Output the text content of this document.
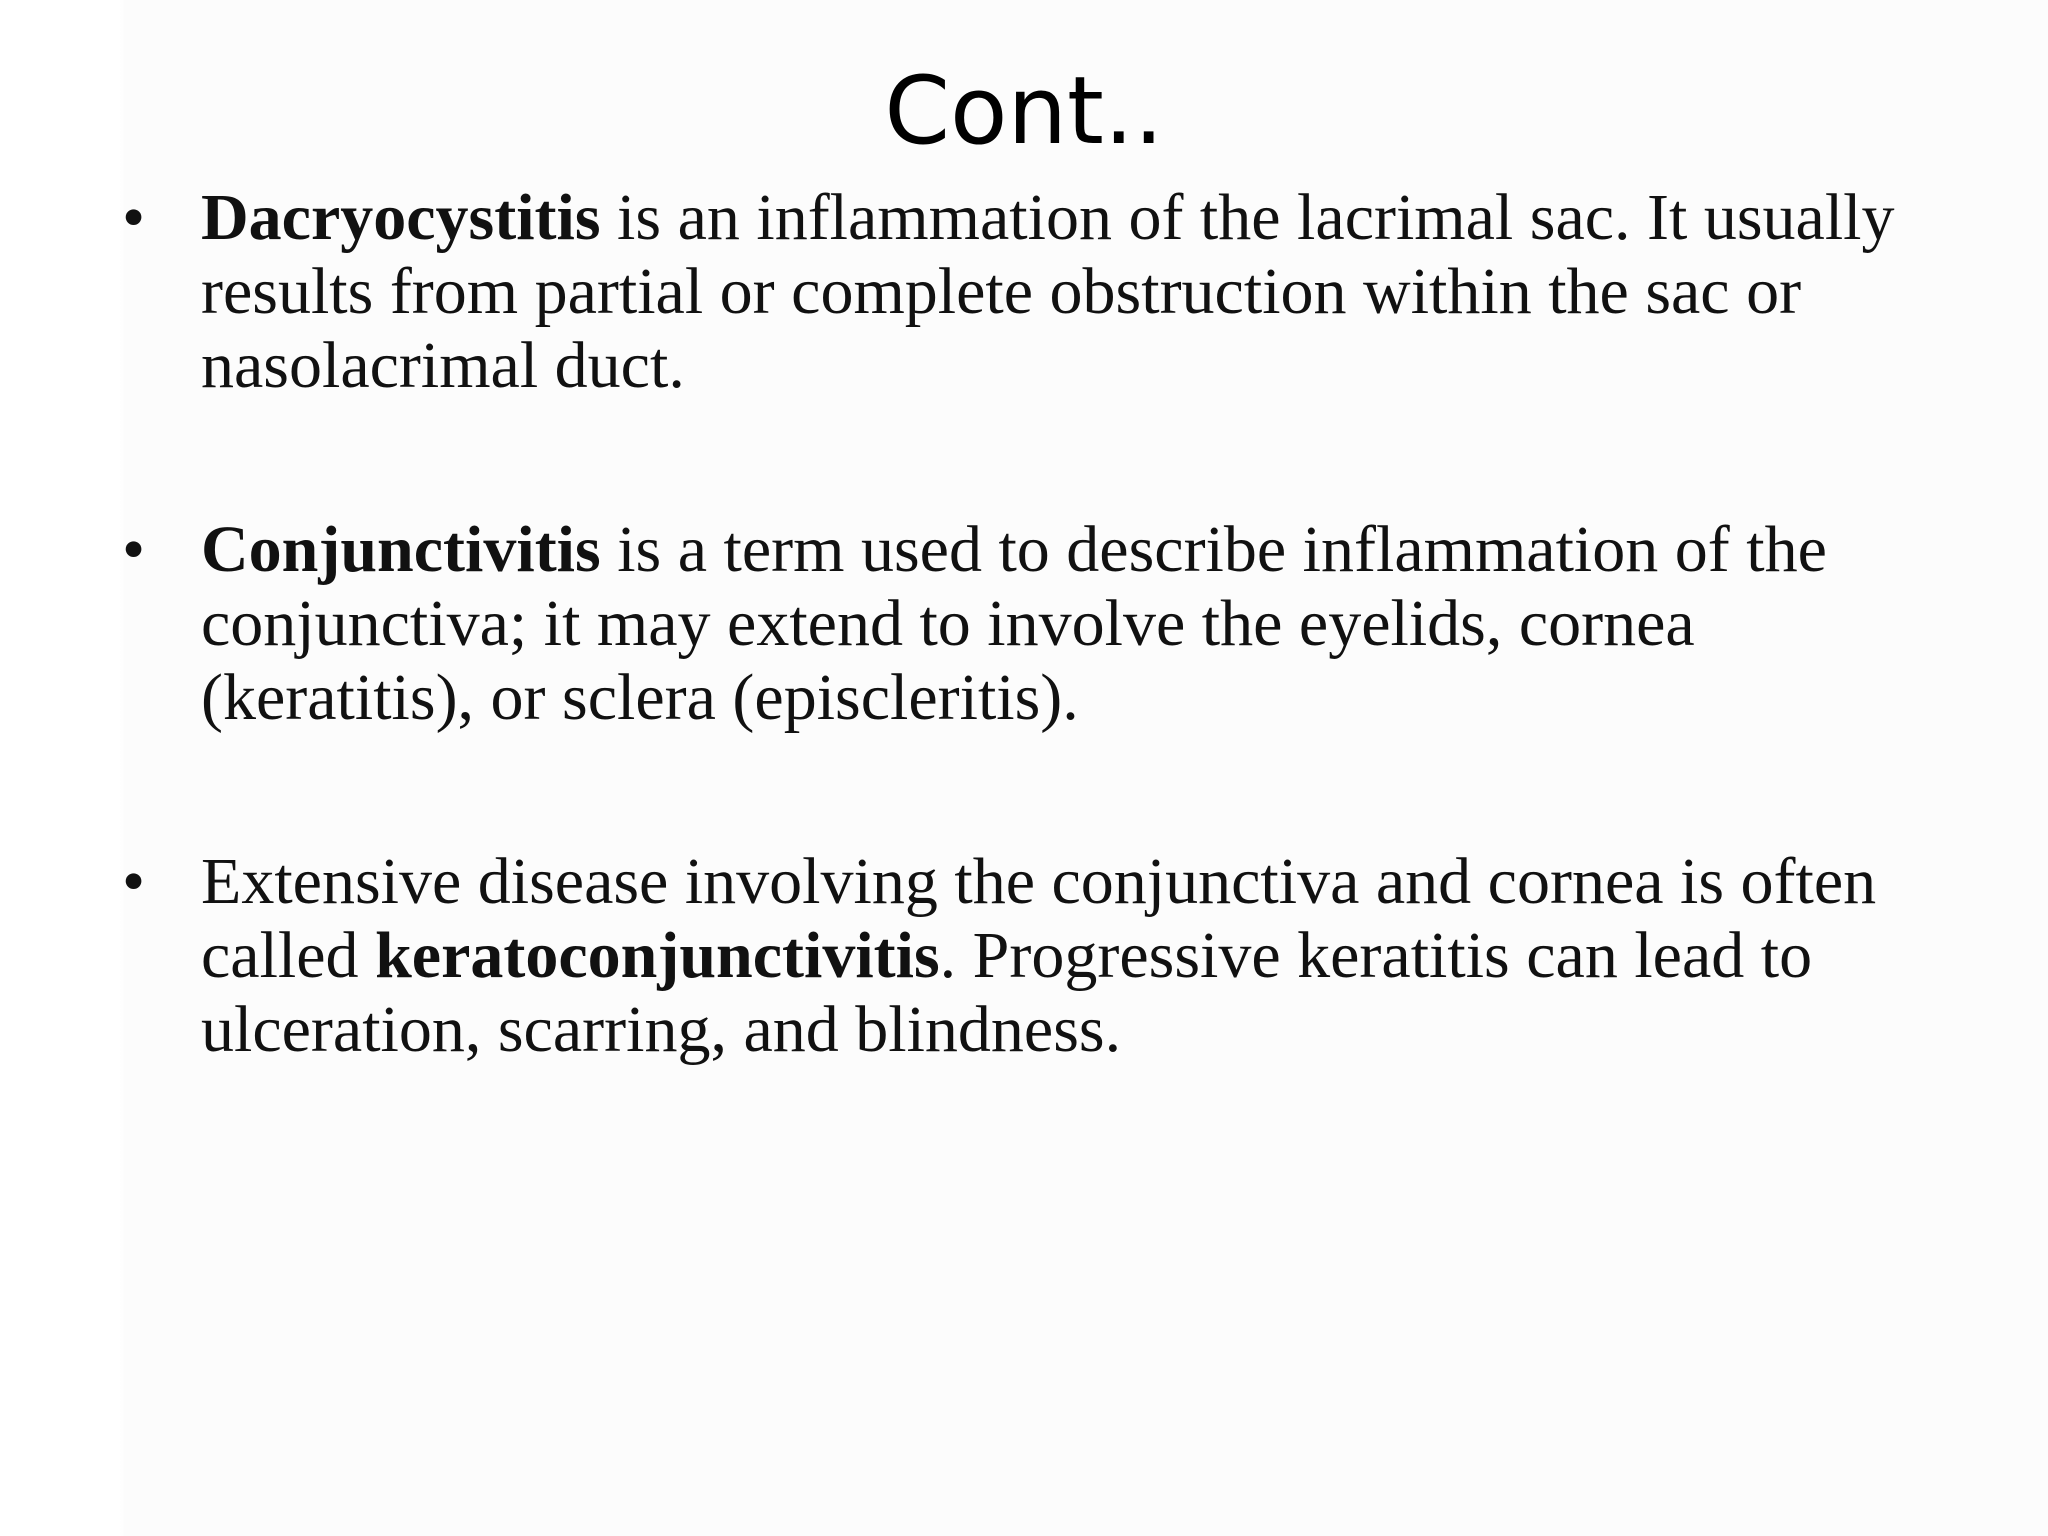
Cont..
• Dacryocystitis is an inflammation of the lacrimal sac. It usually results from partial or complete obstruction within the sac or nasolacrimal duct.
• Conjunctivitis is a term used to describe inflammation of the conjunctiva; it may extend to involve the eyelids, cornea (keratitis), or sclera (episcleritis).
• Extensive disease involving the conjunctiva and cornea is often called keratoconjunctivitis. Progressive keratitis can lead to ulceration, scarring, and blindness.
